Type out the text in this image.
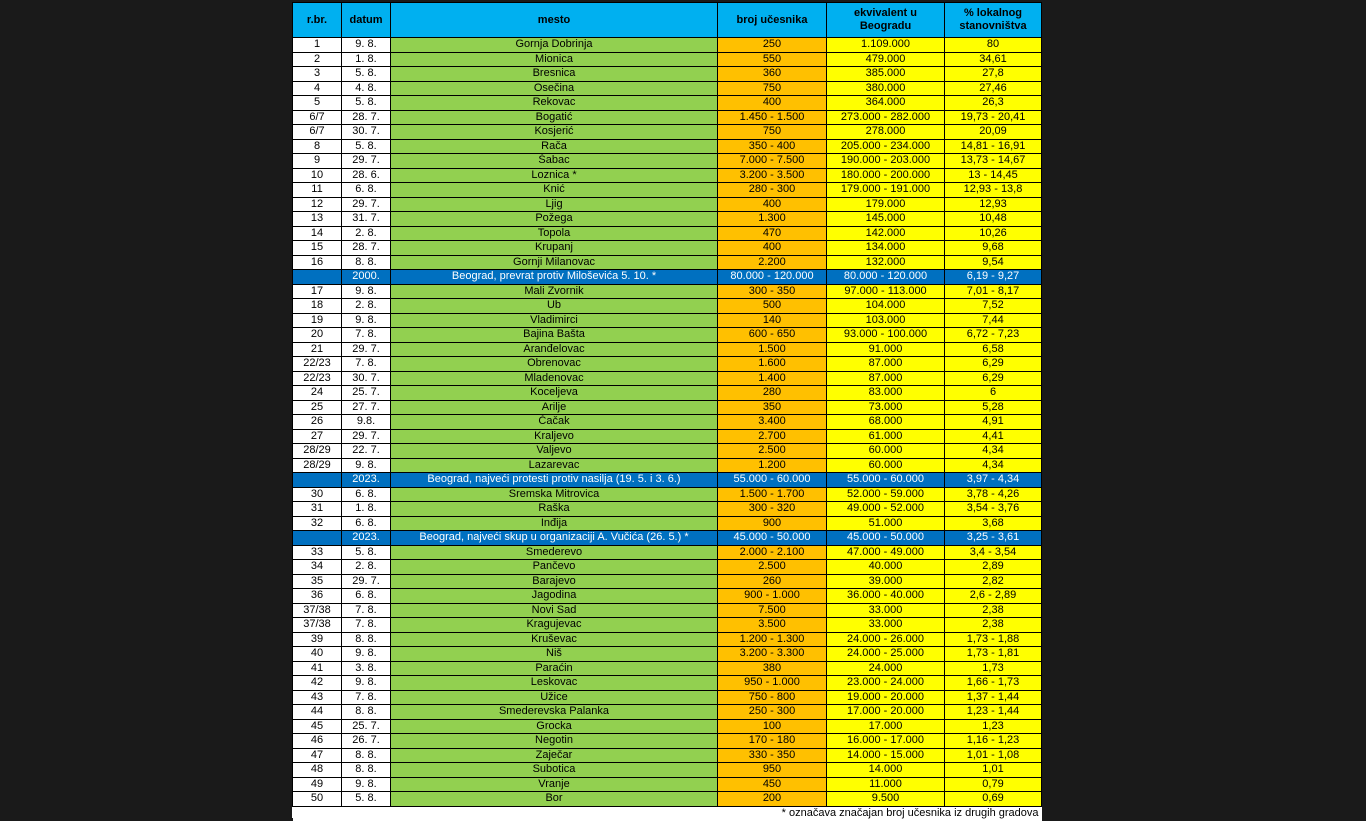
r.br.	datum	mesto	broj učesnika	ekvivalent u Beogradu	% lokalnog stanovništva
1	9. 8.	Gornja Dobrinja	250	1.109.000	80
2	1. 8.	Mionica	550	479.000	34,61
3	5. 8.	Bresnica	360	385.000	27,8
4	4. 8.	Osečina	750	380.000	27,46
5	5. 8.	Rekovac	400	364.000	26,3
6/7	28. 7.	Bogatić	1.450 - 1.500	273.000 - 282.000	19,73 - 20,41
6/7	30. 7.	Kosjerić	750	278.000	20,09
8	5. 8.	Rača	350 - 400	205.000 - 234.000	14,81 - 16,91
9	29. 7.	Šabac	7.000 - 7.500	190.000 - 203.000	13,73 - 14,67
10	28. 6.	Loznica *	3.200 - 3.500	180.000 - 200.000	13 - 14,45
11	6. 8.	Knić	280 - 300	179.000 - 191.000	12,93 - 13,8
12	29. 7.	Ljig	400	179.000	12,93
13	31. 7.	Požega	1.300	145.000	10,48
14	2. 8.	Topola	470	142.000	10,26
15	28. 7.	Krupanj	400	134.000	9,68
16	8. 8.	Gornji Milanovac	2.200	132.000	9,54
	2000.	Beograd, prevrat protiv Miloševića 5. 10. *	80.000 - 120.000	80.000 - 120.000	6,19 - 9,27
17	9. 8.	Mali Zvornik	300 - 350	97.000 - 113.000	7,01 - 8,17
18	2. 8.	Ub	500	104.000	7,52
19	9. 8.	Vladimirci	140	103.000	7,44
20	7. 8.	Bajina Bašta	600 - 650	93.000 - 100.000	6,72 - 7,23
21	29. 7.	Aranđelovac	1.500	91.000	6,58
22/23	7. 8.	Obrenovac	1.600	87.000	6,29
22/23	30. 7.	Mladenovac	1.400	87.000	6,29
24	25. 7.	Koceljeva	280	83.000	6
25	27. 7.	Arilje	350	73.000	5,28
26	9.8.	Čačak	3.400	68.000	4,91
27	29. 7.	Kraljevo	2.700	61.000	4,41
28/29	22. 7.	Valjevo	2.500	60.000	4,34
28/29	9. 8.	Lazarevac	1.200	60.000	4,34
	2023.	Beograd, najveći protesti protiv nasilja (19. 5. i 3. 6.)	55.000 - 60.000	55.000 - 60.000	3,97 - 4,34
30	6. 8.	Sremska Mitrovica	1.500 - 1.700	52.000 - 59.000	3,78 - 4,26
31	1. 8.	Raška	300 - 320	49.000 - 52.000	3,54 - 3,76
32	6. 8.	Inđija	900	51.000	3,68
	2023.	Beograd, najveći skup u organizaciji A. Vučića (26. 5.) *	45.000 - 50.000	45.000 - 50.000	3,25 - 3,61
33	5. 8.	Smederevo	2.000 - 2.100	47.000 - 49.000	3,4 - 3,54
34	2. 8.	Pančevo	2.500	40.000	2,89
35	29. 7.	Barajevo	260	39.000	2,82
36	6. 8.	Jagodina	900 - 1.000	36.000 - 40.000	2,6 - 2,89
37/38	7. 8.	Novi Sad	7.500	33.000	2,38
37/38	7. 8.	Kragujevac	3.500	33.000	2,38
39	8. 8.	Kruševac	1.200 - 1.300	24.000 - 26.000	1,73 - 1,88
40	9. 8.	Niš	3.200 - 3.300	24.000 - 25.000	1,73 - 1,81
41	3. 8.	Paraćin	380	24.000	1,73
42	9. 8.	Leskovac	950 - 1.000	23.000 - 24.000	1,66 - 1,73
43	7. 8.	Užice	750 - 800	19.000 - 20.000	1,37 - 1,44
44	8. 8.	Smederevska Palanka	250 - 300	17.000 - 20.000	1,23 - 1,44
45	25. 7.	Grocka	100	17.000	1,23
46	26. 7.	Negotin	170 - 180	16.000 - 17.000	1,16 - 1,23
47	8. 8.	Zaječar	330 - 350	14.000 - 15.000	1,01 - 1,08
48	8. 8.	Subotica	950	14.000	1,01
49	9. 8.	Vranje	450	11.000	0,79
50	5. 8.	Bor	200	9.500	0,69
* označava značajan broj učesnika iz drugih gradova					
